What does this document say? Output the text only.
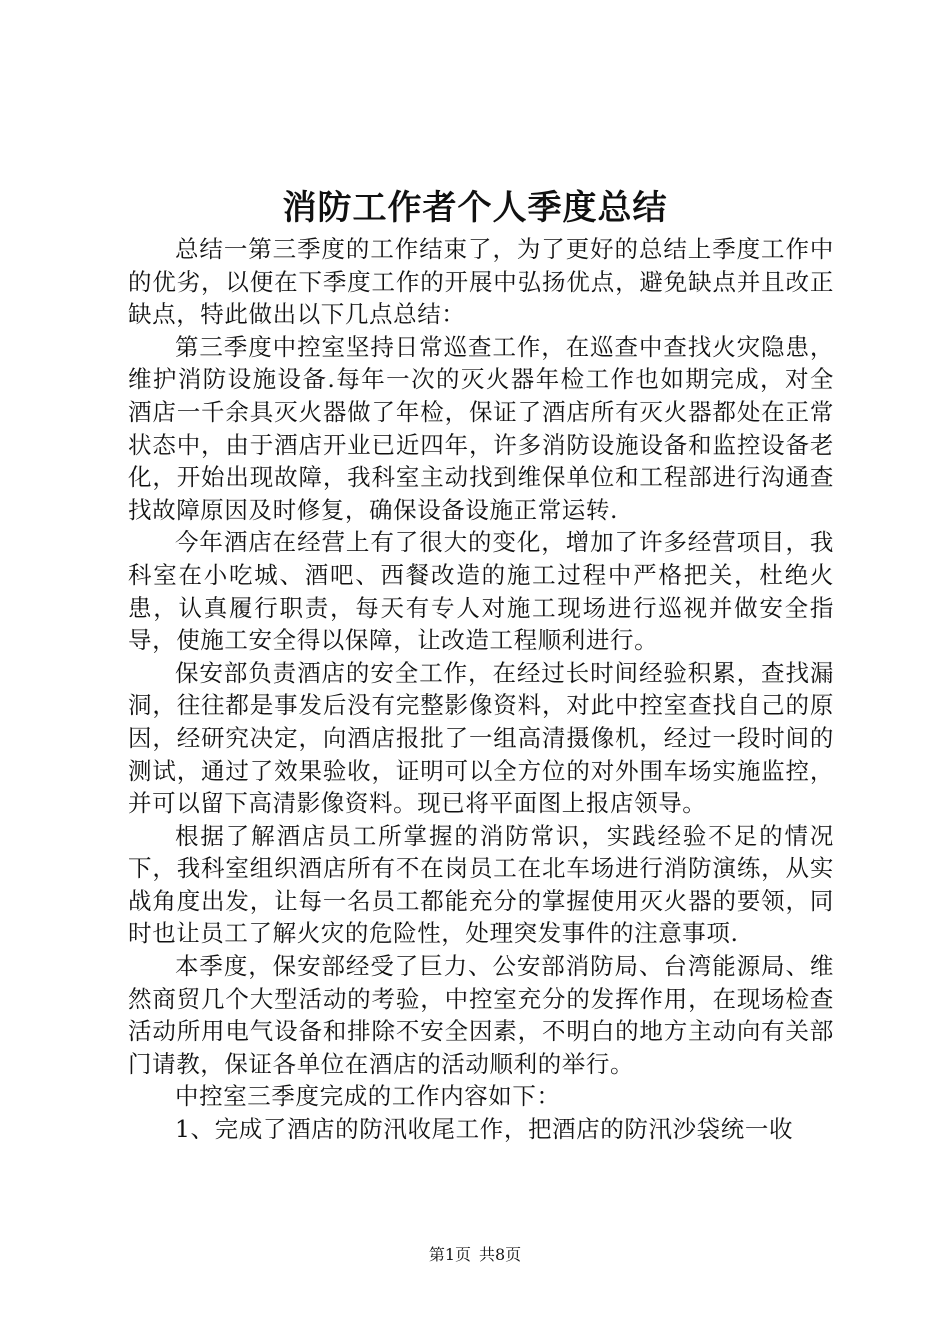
消防工作者个人季度总结

总结一第三季度的工作结束了，为了更好的总结上季度工作中的优劣，以便在下季度工作的开展中弘扬优点，避免缺点并且改正缺点，特此做出以下几点总结：

第三季度中控室坚持日常巡查工作，在巡查中查找火灾隐患，维护消防设施设备.每年一次的灭火器年检工作也如期完成，对全酒店一千余具灭火器做了年检，保证了酒店所有灭火器都处在正常状态中，由于酒店开业已近四年，许多消防设施设备和监控设备老化，开始出现故障，我科室主动找到维保单位和工程部进行沟通查找故障原因及时修复，确保设备设施正常运转.

今年酒店在经营上有了很大的变化，增加了许多经营项目，我科室在小吃城、酒吧、西餐改造的施工过程中严格把关，杜绝火患，认真履行职责，每天有专人对施工现场进行巡视并做安全指导，使施工安全得以保障，让改造工程顺利进行。

保安部负责酒店的安全工作，在经过长时间经验积累，查找漏洞，往往都是事发后没有完整影像资料，对此中控室查找自己的原因，经研究决定，向酒店报批了一组高清摄像机，经过一段时间的测试，通过了效果验收，证明可以全方位的对外围车场实施监控，并可以留下高清影像资料。现已将平面图上报店领导。

根据了解酒店员工所掌握的消防常识，实践经验不足的情况下，我科室组织酒店所有不在岗员工在北车场进行消防演练，从实战角度出发，让每一名员工都能充分的掌握使用灭火器的要领，同时也让员工了解火灾的危险性，处理突发事件的注意事项.

本季度，保安部经受了巨力、公安部消防局、台湾能源局、维然商贸几个大型活动的考验，中控室充分的发挥作用，在现场检查活动所用电气设备和排除不安全因素，不明白的地方主动向有关部门请教，保证各单位在酒店的活动顺利的举行。

中控室三季度完成的工作内容如下：

1、完成了酒店的防汛收尾工作，把酒店的防汛沙袋统一收

第1页 共8页
